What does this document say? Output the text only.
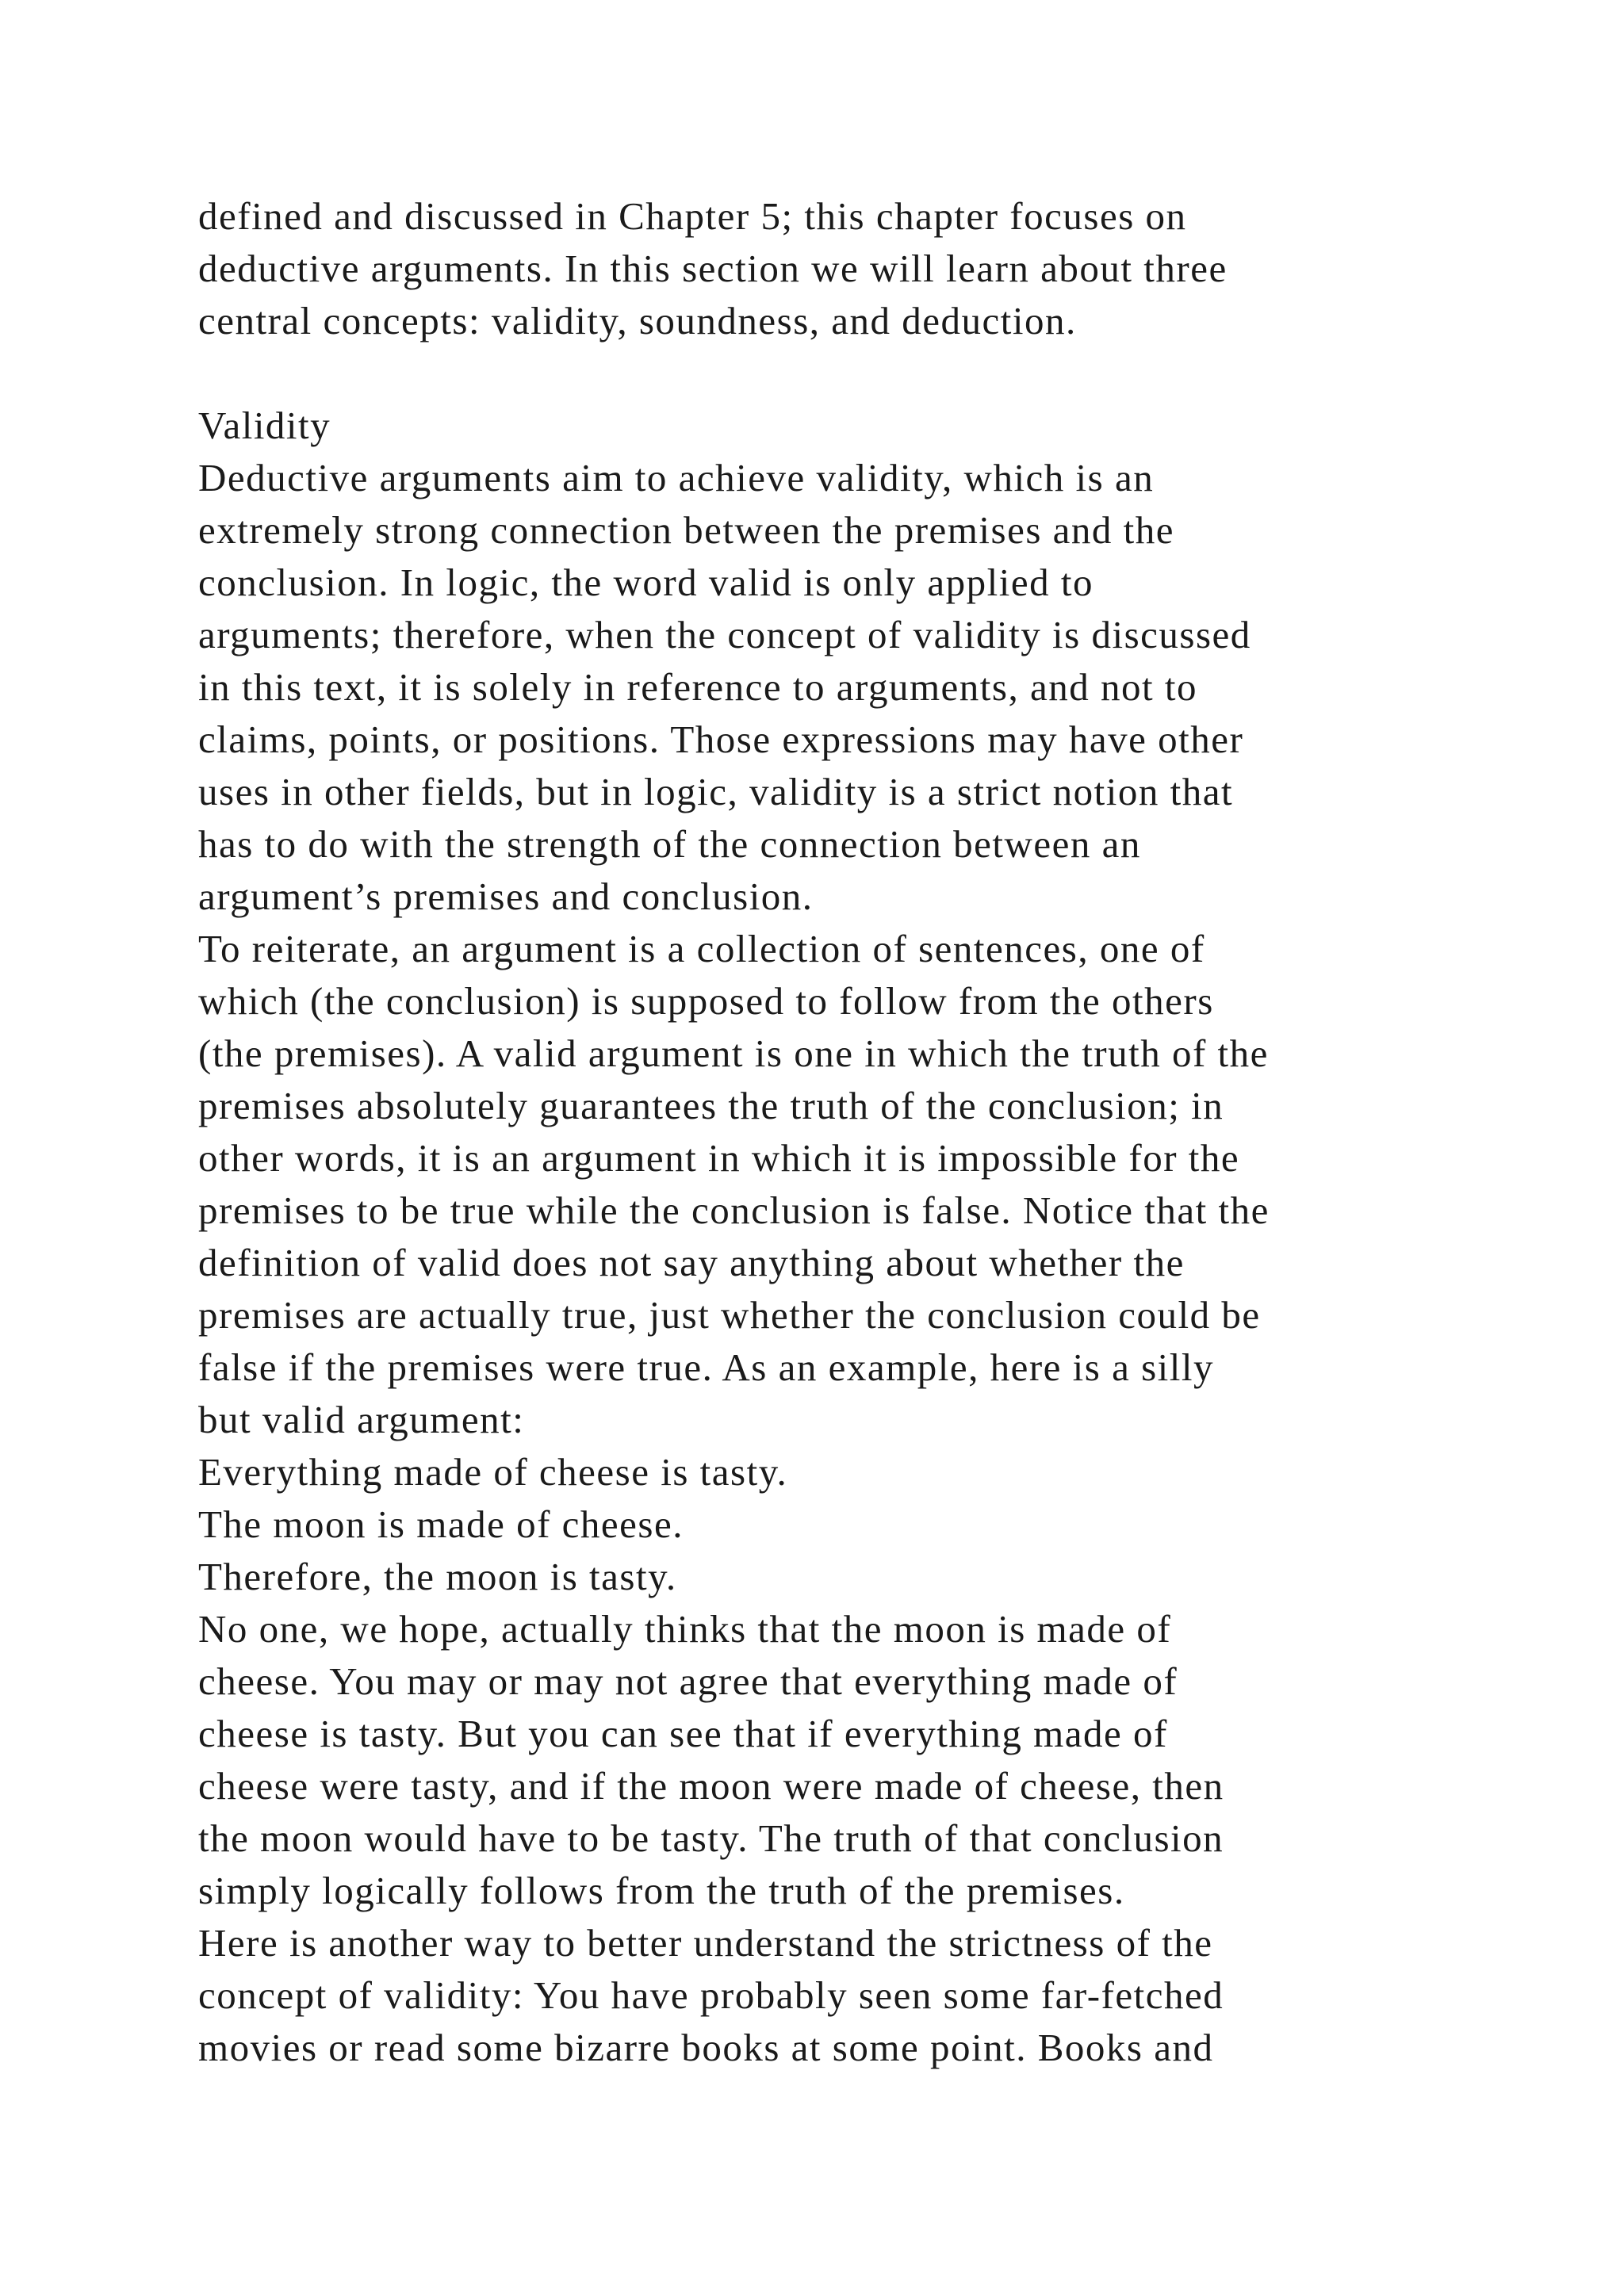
defined and discussed in Chapter 5; this chapter focuses on
deductive arguments. In this section we will learn about three
central concepts: validity, soundness, and deduction.
Validity
Deductive arguments aim to achieve validity, which is an
extremely strong connection between the premises and the
conclusion. In logic, the word valid is only applied to
arguments; therefore, when the concept of validity is discussed
in this text, it is solely in reference to arguments, and not to
claims, points, or positions. Those expressions may have other
uses in other fields, but in logic, validity is a strict notion that
has to do with the strength of the connection between an
argument’s premises and conclusion.
To reiterate, an argument is a collection of sentences, one of
which (the conclusion) is supposed to follow from the others
(the premises). A valid argument is one in which the truth of the
premises absolutely guarantees the truth of the conclusion; in
other words, it is an argument in which it is impossible for the
premises to be true while the conclusion is false. Notice that the
definition of valid does not say anything about whether the
premises are actually true, just whether the conclusion could be
false if the premises were true. As an example, here is a silly
but valid argument:
Everything made of cheese is tasty.
The moon is made of cheese.
Therefore, the moon is tasty.
No one, we hope, actually thinks that the moon is made of
cheese. You may or may not agree that everything made of
cheese is tasty. But you can see that if everything made of
cheese were tasty, and if the moon were made of cheese, then
the moon would have to be tasty. The truth of that conclusion
simply logically follows from the truth of the premises.
Here is another way to better understand the strictness of the
concept of validity: You have probably seen some far-fetched
movies or read some bizarre books at some point. Books and
